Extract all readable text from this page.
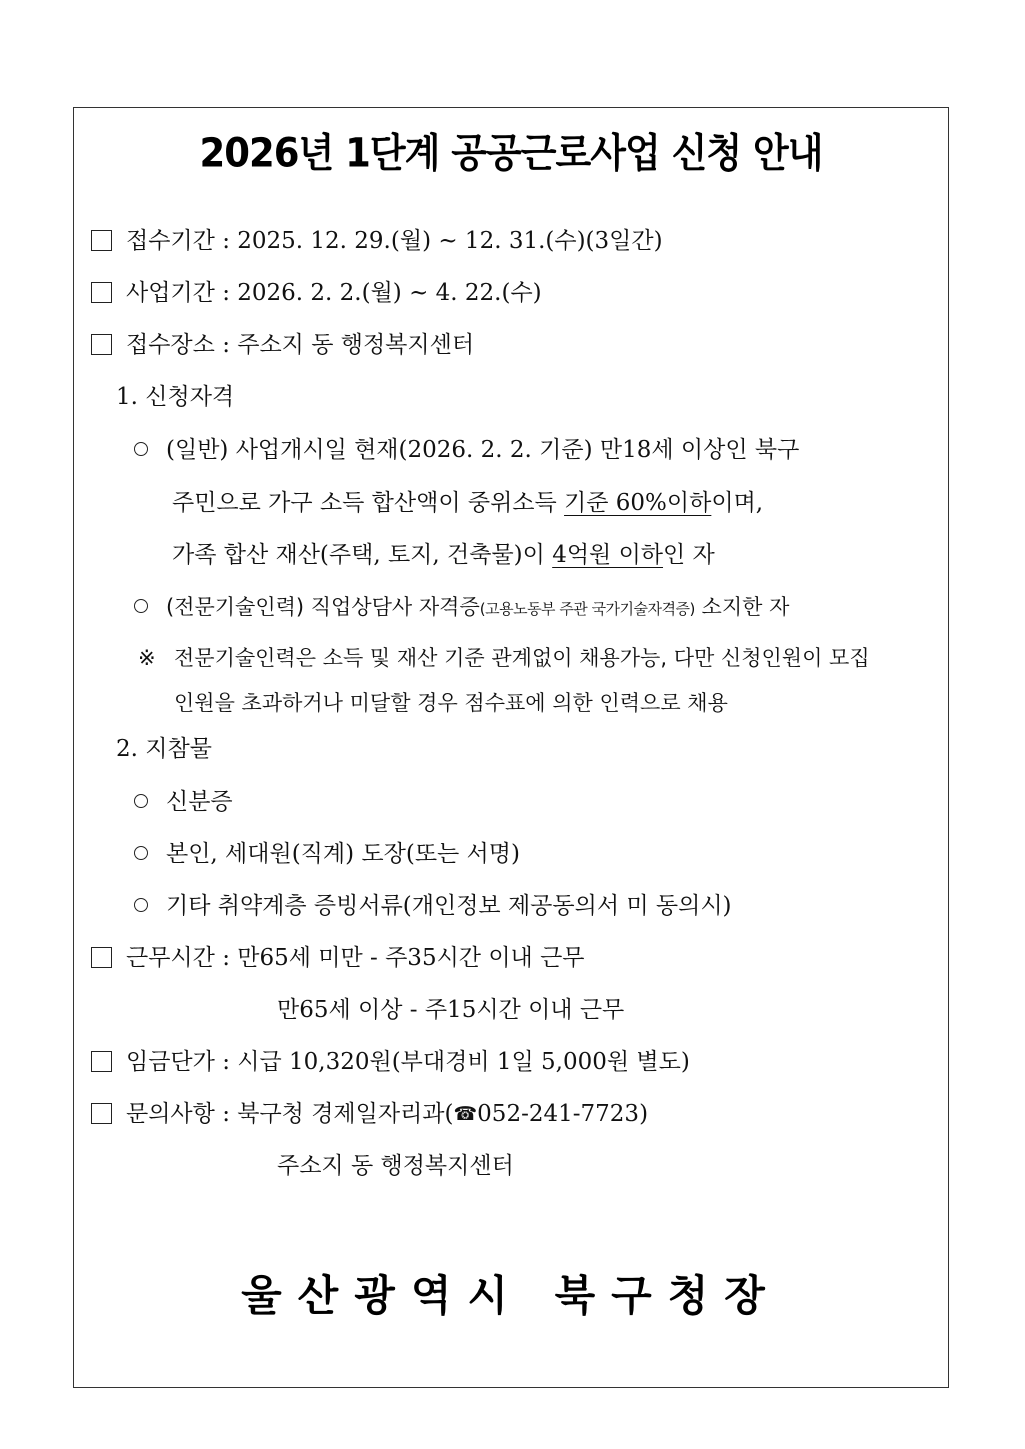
2026년 1단계 공공근로사업 신청 안내
접수기간 : 2025. 12. 29.(월) ~ 12. 31.(수)(3일간)
사업기간 : 2026. 2. 2.(월) ~ 4. 22.(수)
접수장소 : 주소지 동 행정복지센터
1. 신청자격
(일반) 사업개시일 현재(2026. 2. 2. 기준) 만18세 이상인 북구
주민으로 가구 소득 합산액이 중위소득 기준 60%이하이며,
가족 합산 재산(주택, 토지, 건축물)이 4억원 이하인 자
(전문기술인력) 직업상담사 자격증(고용노동부 주관 국가기술자격증) 소지한 자
※ 전문기술인력은 소득 및 재산 기준 관계없이 채용가능, 다만 신청인원이 모집
인원을 초과하거나 미달할 경우 점수표에 의한 인력으로 채용
2. 지참물
신분증
본인, 세대원(직계) 도장(또는 서명)
기타 취약계층 증빙서류(개인정보 제공동의서 미 동의시)
근무시간 : 만65세 미만 - 주35시간 이내 근무
만65세 이상 - 주15시간 이내 근무
임금단가 : 시급 10,320원(부대경비 1일 5,000원 별도)
문의사항 : 북구청 경제일자리과(☎052-241-7723)
주소지 동 행정복지센터
울산광역시 북구청장
